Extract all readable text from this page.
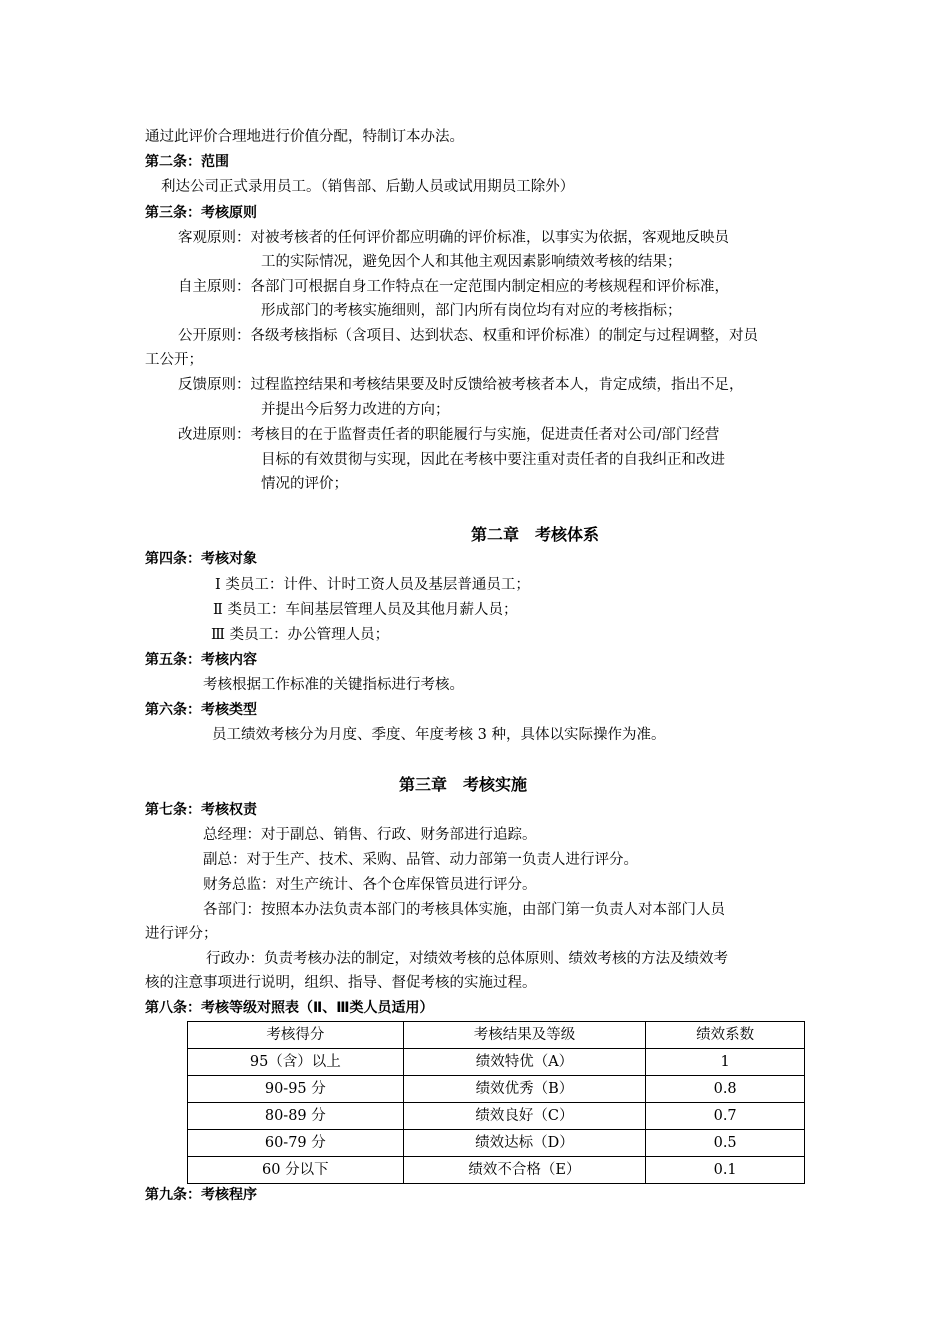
通过此评价合理地进行价值分配，特制订本办法。
第二条：范围
利达公司正式录用员工。（销售部、后勤人员或试用期员工除外）
第三条：考核原则
客观原则：对被考核者的任何评价都应明确的评价标准，以事实为依据，客观地反映员
工的实际情况，避免因个人和其他主观因素影响绩效考核的结果；
自主原则：各部门可根据自身工作特点在一定范围内制定相应的考核规程和评价标准，
形成部门的考核实施细则，部门内所有岗位均有对应的考核指标；
公开原则：各级考核指标（含项目、达到状态、权重和评价标准）的制定与过程调整，对员
工公开；
反馈原则：过程监控结果和考核结果要及时反馈给被考核者本人，肯定成绩，指出不足，
并提出今后努力改进的方向；
改进原则：考核目的在于监督责任者的职能履行与实施，促进责任者对公司/部门经营
目标的有效贯彻与实现，因此在考核中要注重对责任者的自我纠正和改进
情况的评价；
第二章　考核体系
第四条：考核对象
Ⅰ 类员工：计件、计时工资人员及基层普通员工；
Ⅱ 类员工：车间基层管理人员及其他月薪人员；
Ⅲ 类员工：办公管理人员；
第五条：考核内容
考核根据工作标准的关键指标进行考核。
第六条：考核类型
员工绩效考核分为月度、季度、年度考核 3 种，具体以实际操作为准。
第三章　考核实施
第七条：考核权责
总经理：对于副总、销售、行政、财务部进行追踪。
副总：对于生产、技术、采购、品管、动力部第一负责人进行评分。
财务总监：对生产统计、各个仓库保管员进行评分。
各部门：按照本办法负责本部门的考核具体实施，由部门第一负责人对本部门人员
进行评分；
行政办：负责考核办法的制定，对绩效考核的总体原则、绩效考核的方法及绩效考
核的注意事项进行说明，组织、指导、督促考核的实施过程。
第八条：考核等级对照表（Ⅱ、Ⅲ类人员适用）
考核得分	考核结果及等级	绩效系数
95（含）以上	绩效特优（A）	1
90-95 分	绩效优秀（B）	0.8
80-89 分	绩效良好（C）	0.7
60-79 分	绩效达标（D）	0.5
60 分以下	绩效不合格（E）	0.1
第九条：考核程序
